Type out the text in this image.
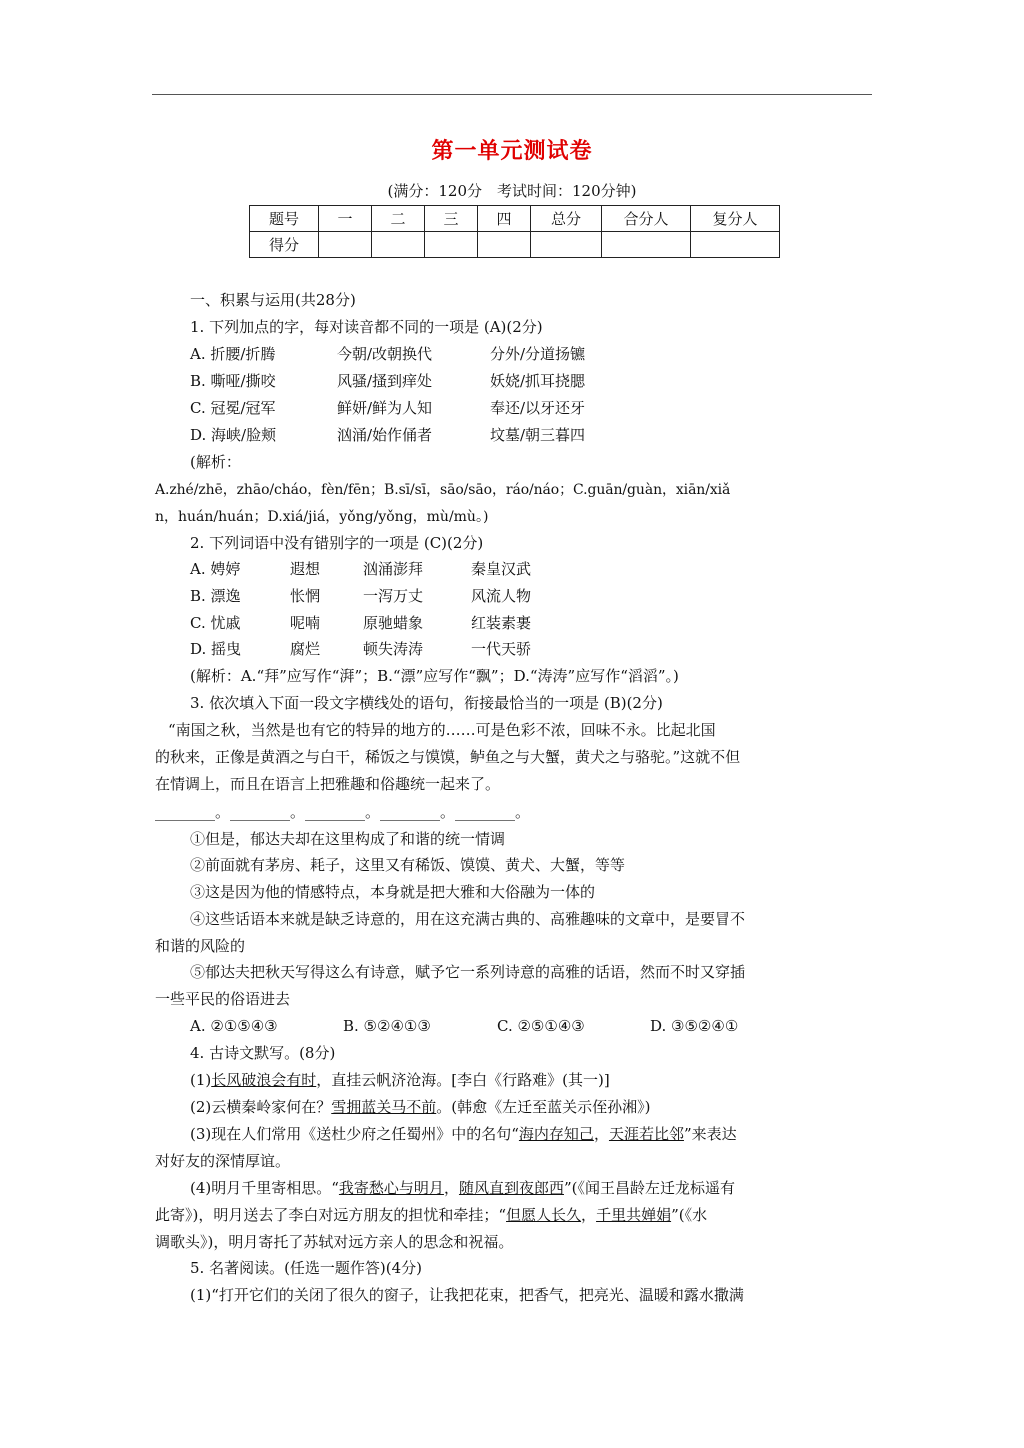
第一单元测试卷
(满分：120分　考试时间：120分钟)
题号	一	二	三	四	总分	合分人	复分人
得分							
一、积累与运用(共28分)
1. 下列加点的字，每对读音都不同的一项是 (A)(2分)
A. 折腰/折腾	今朝/改朝换代	分外/分道扬镳
B. 嘶哑/撕咬	风骚/搔到痒处	妖娆/抓耳挠腮
C. 冠冕/冠军	鲜妍/鲜为人知	奉还/以牙还牙
D. 海峡/脸颊	汹涌/始作俑者	坟墓/朝三暮四
(解析：
A.zhé/zhē，zhāo/cháo，fèn/fēn；B.sī/sī，sāo/sāo，ráo/náo；C.guān/guàn，xiān/xiǎ
n，huán/huán；D.xiá/jiá，yǒng/yǒng，mù/mù。)
2. 下列词语中没有错别字的一项是 (C)(2分)
A. 娉婷	遐想	汹涌澎拜	秦皇汉武
B. 漂逸	怅惘	一泻万丈	风流人物
C. 忧戚	呢喃	原驰蜡象	红装素裹
D. 摇曳	腐烂	顿失涛涛	一代天骄
(解析：A.“拜”应写作“湃”；B.“漂”应写作“飘”；D.“涛涛”应写作“滔滔”。)
3. 依次填入下面一段文字横线处的语句，衔接最恰当的一项是 (B)(2分)
“南国之秋，当然是也有它的特异的地方的……可是色彩不浓，回味不永。比起北国
的秋来，正像是黄酒之与白干，稀饭之与馍馍，鲈鱼之与大蟹，黄犬之与骆驼。”这就不但
在情调上，而且在语言上把雅趣和俗趣统一起来了。
________。________。________。________。________。
①但是，郁达夫却在这里构成了和谐的统一情调
②前面就有茅房、耗子，这里又有稀饭、馍馍、黄犬、大蟹，等等
③这是因为他的情感特点，本身就是把大雅和大俗融为一体的
④这些话语本来就是缺乏诗意的，用在这充满古典的、高雅趣味的文章中，是要冒不
和谐的风险的
⑤郁达夫把秋天写得这么有诗意，赋予它一系列诗意的高雅的话语，然而不时又穿插
一些平民的俗语进去
A. ②①⑤④③	B. ⑤②④①③	C. ②⑤①④③	D. ③⑤②④①
4. 古诗文默写。(8分)
(1)长风破浪会有时，直挂云帆济沧海。[李白《行路难》(其一)]
(2)云横秦岭家何在？雪拥蓝关马不前。(韩愈《左迁至蓝关示侄孙湘》)
(3)现在人们常用《送杜少府之任蜀州》中的名句“海内存知己，天涯若比邻”来表达
对好友的深情厚谊。
(4)明月千里寄相思。“我寄愁心与明月，随风直到夜郎西”(《闻王昌龄左迁龙标遥有
此寄》)，明月送去了李白对远方朋友的担忧和牵挂；“但愿人长久，千里共婵娟”(《水
调歌头》)，明月寄托了苏轼对远方亲人的思念和祝福。
5. 名著阅读。(任选一题作答)(4分)
(1)“打开它们的关闭了很久的窗子，让我把花束，把香气，把亮光、温暖和露水撒满
